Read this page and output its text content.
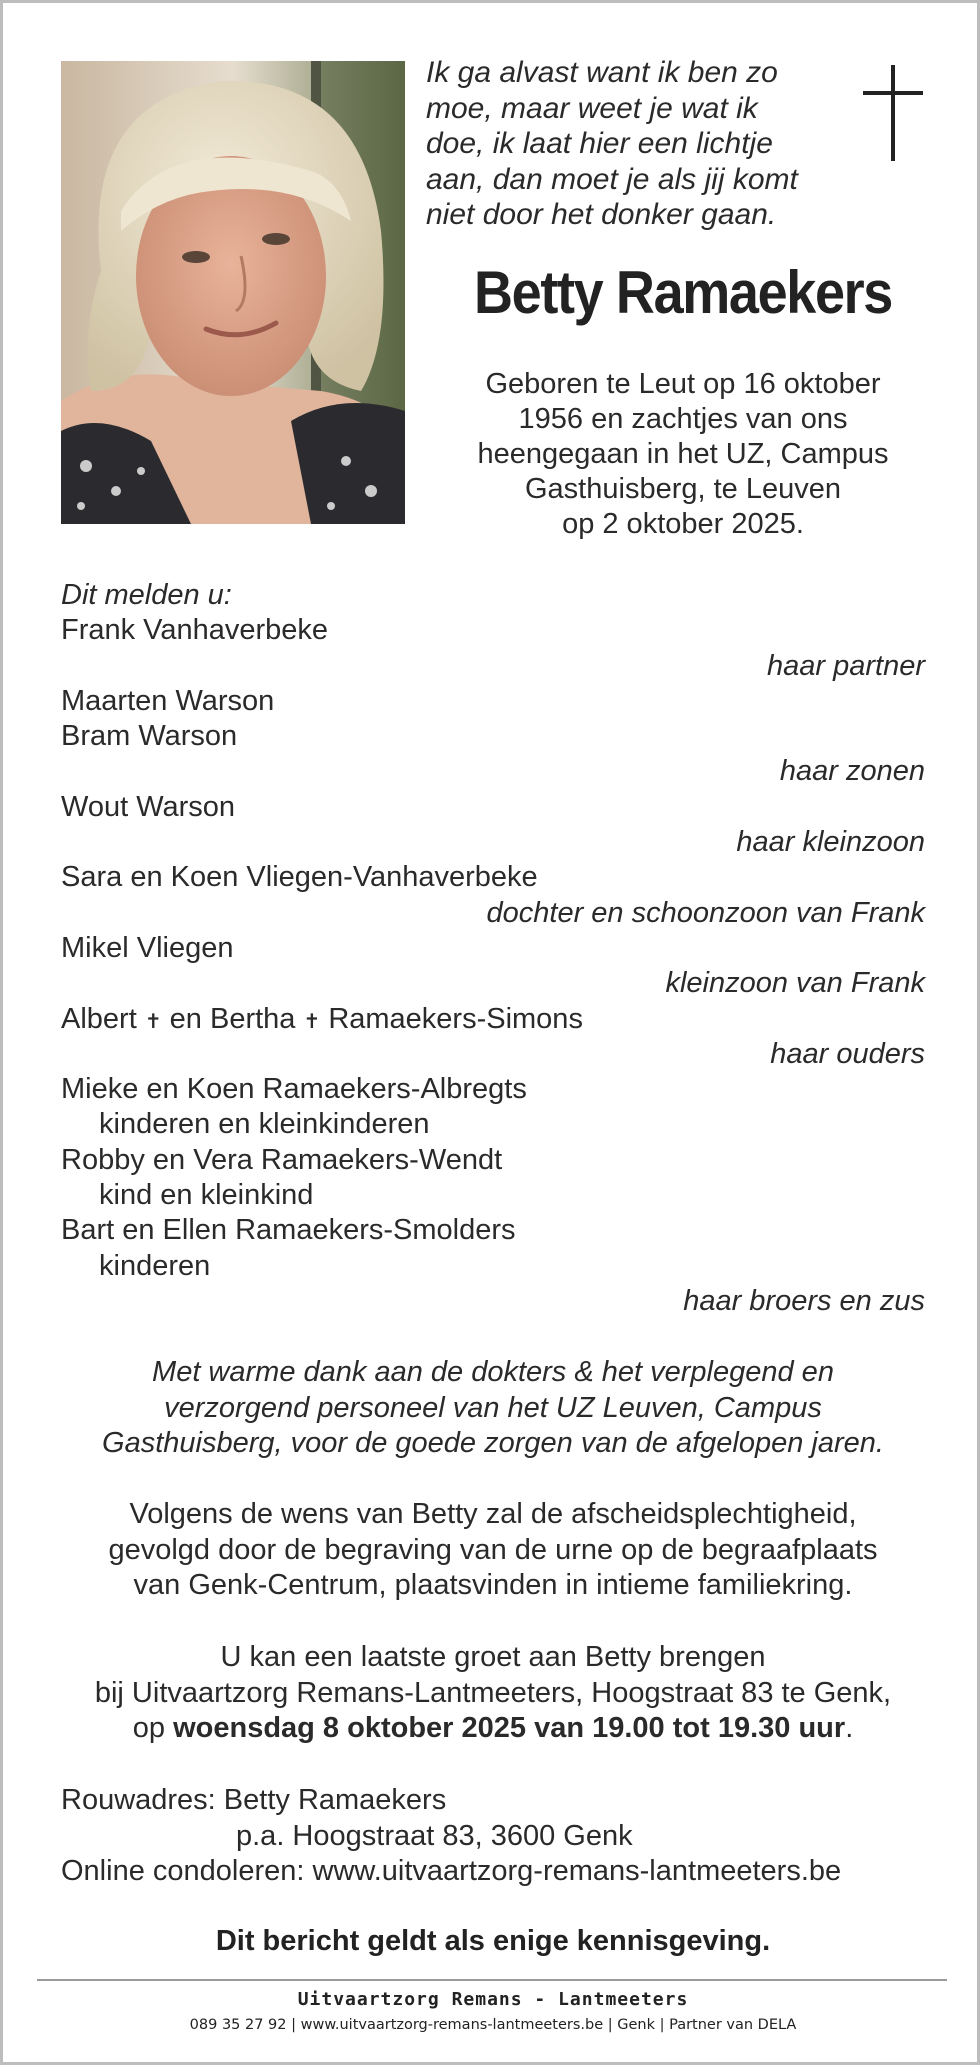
Ik ga alvast want ik ben zo
moe, maar weet je wat ik
doe, ik laat hier een lichtje
aan, dan moet je als jij komt
niet door het donker gaan.
Betty Ramaekers
Geboren te Leut op 16 oktober
1956 en zachtjes van ons
heengegaan in het UZ, Campus
Gasthuisberg, te Leuven
op 2 oktober 2025.
Dit melden u:
Frank Vanhaverbeke
haar partner
Maarten Warson
Bram Warson
haar zonen
Wout Warson
haar kleinzoon
Sara en Koen Vliegen-Vanhaverbeke
dochter en schoonzoon van Frank
Mikel Vliegen
kleinzoon van Frank
Albert ✝ en Bertha ✝ Ramaekers-Simons
haar ouders
Mieke en Koen Ramaekers-Albregts
kinderen en kleinkinderen
Robby en Vera Ramaekers-Wendt
kind en kleinkind
Bart en Ellen Ramaekers-Smolders
kinderen
haar broers en zus
Met warme dank aan de dokters & het verplegend en
verzorgend personeel van het UZ Leuven, Campus
Gasthuisberg, voor de goede zorgen van de afgelopen jaren.
Volgens de wens van Betty zal de afscheidsplechtigheid,
gevolgd door de begraving van de urne op de begraafplaats
van Genk-Centrum, plaatsvinden in intieme familiekring.
U kan een laatste groet aan Betty brengen
bij Uitvaartzorg Remans-Lantmeeters, Hoogstraat 83 te Genk,
op woensdag 8 oktober 2025 van 19.00 tot 19.30 uur.
Rouwadres: Betty Ramaekers
p.a. Hoogstraat 83, 3600 Genk
Online condoleren: www.uitvaartzorg-remans-lantmeeters.be
Dit bericht geldt als enige kennisgeving.
Uitvaartzorg Remans - Lantmeeters
089 35 27 92 | www.uitvaartzorg-remans-lantmeeters.be | Genk | Partner van DELA
